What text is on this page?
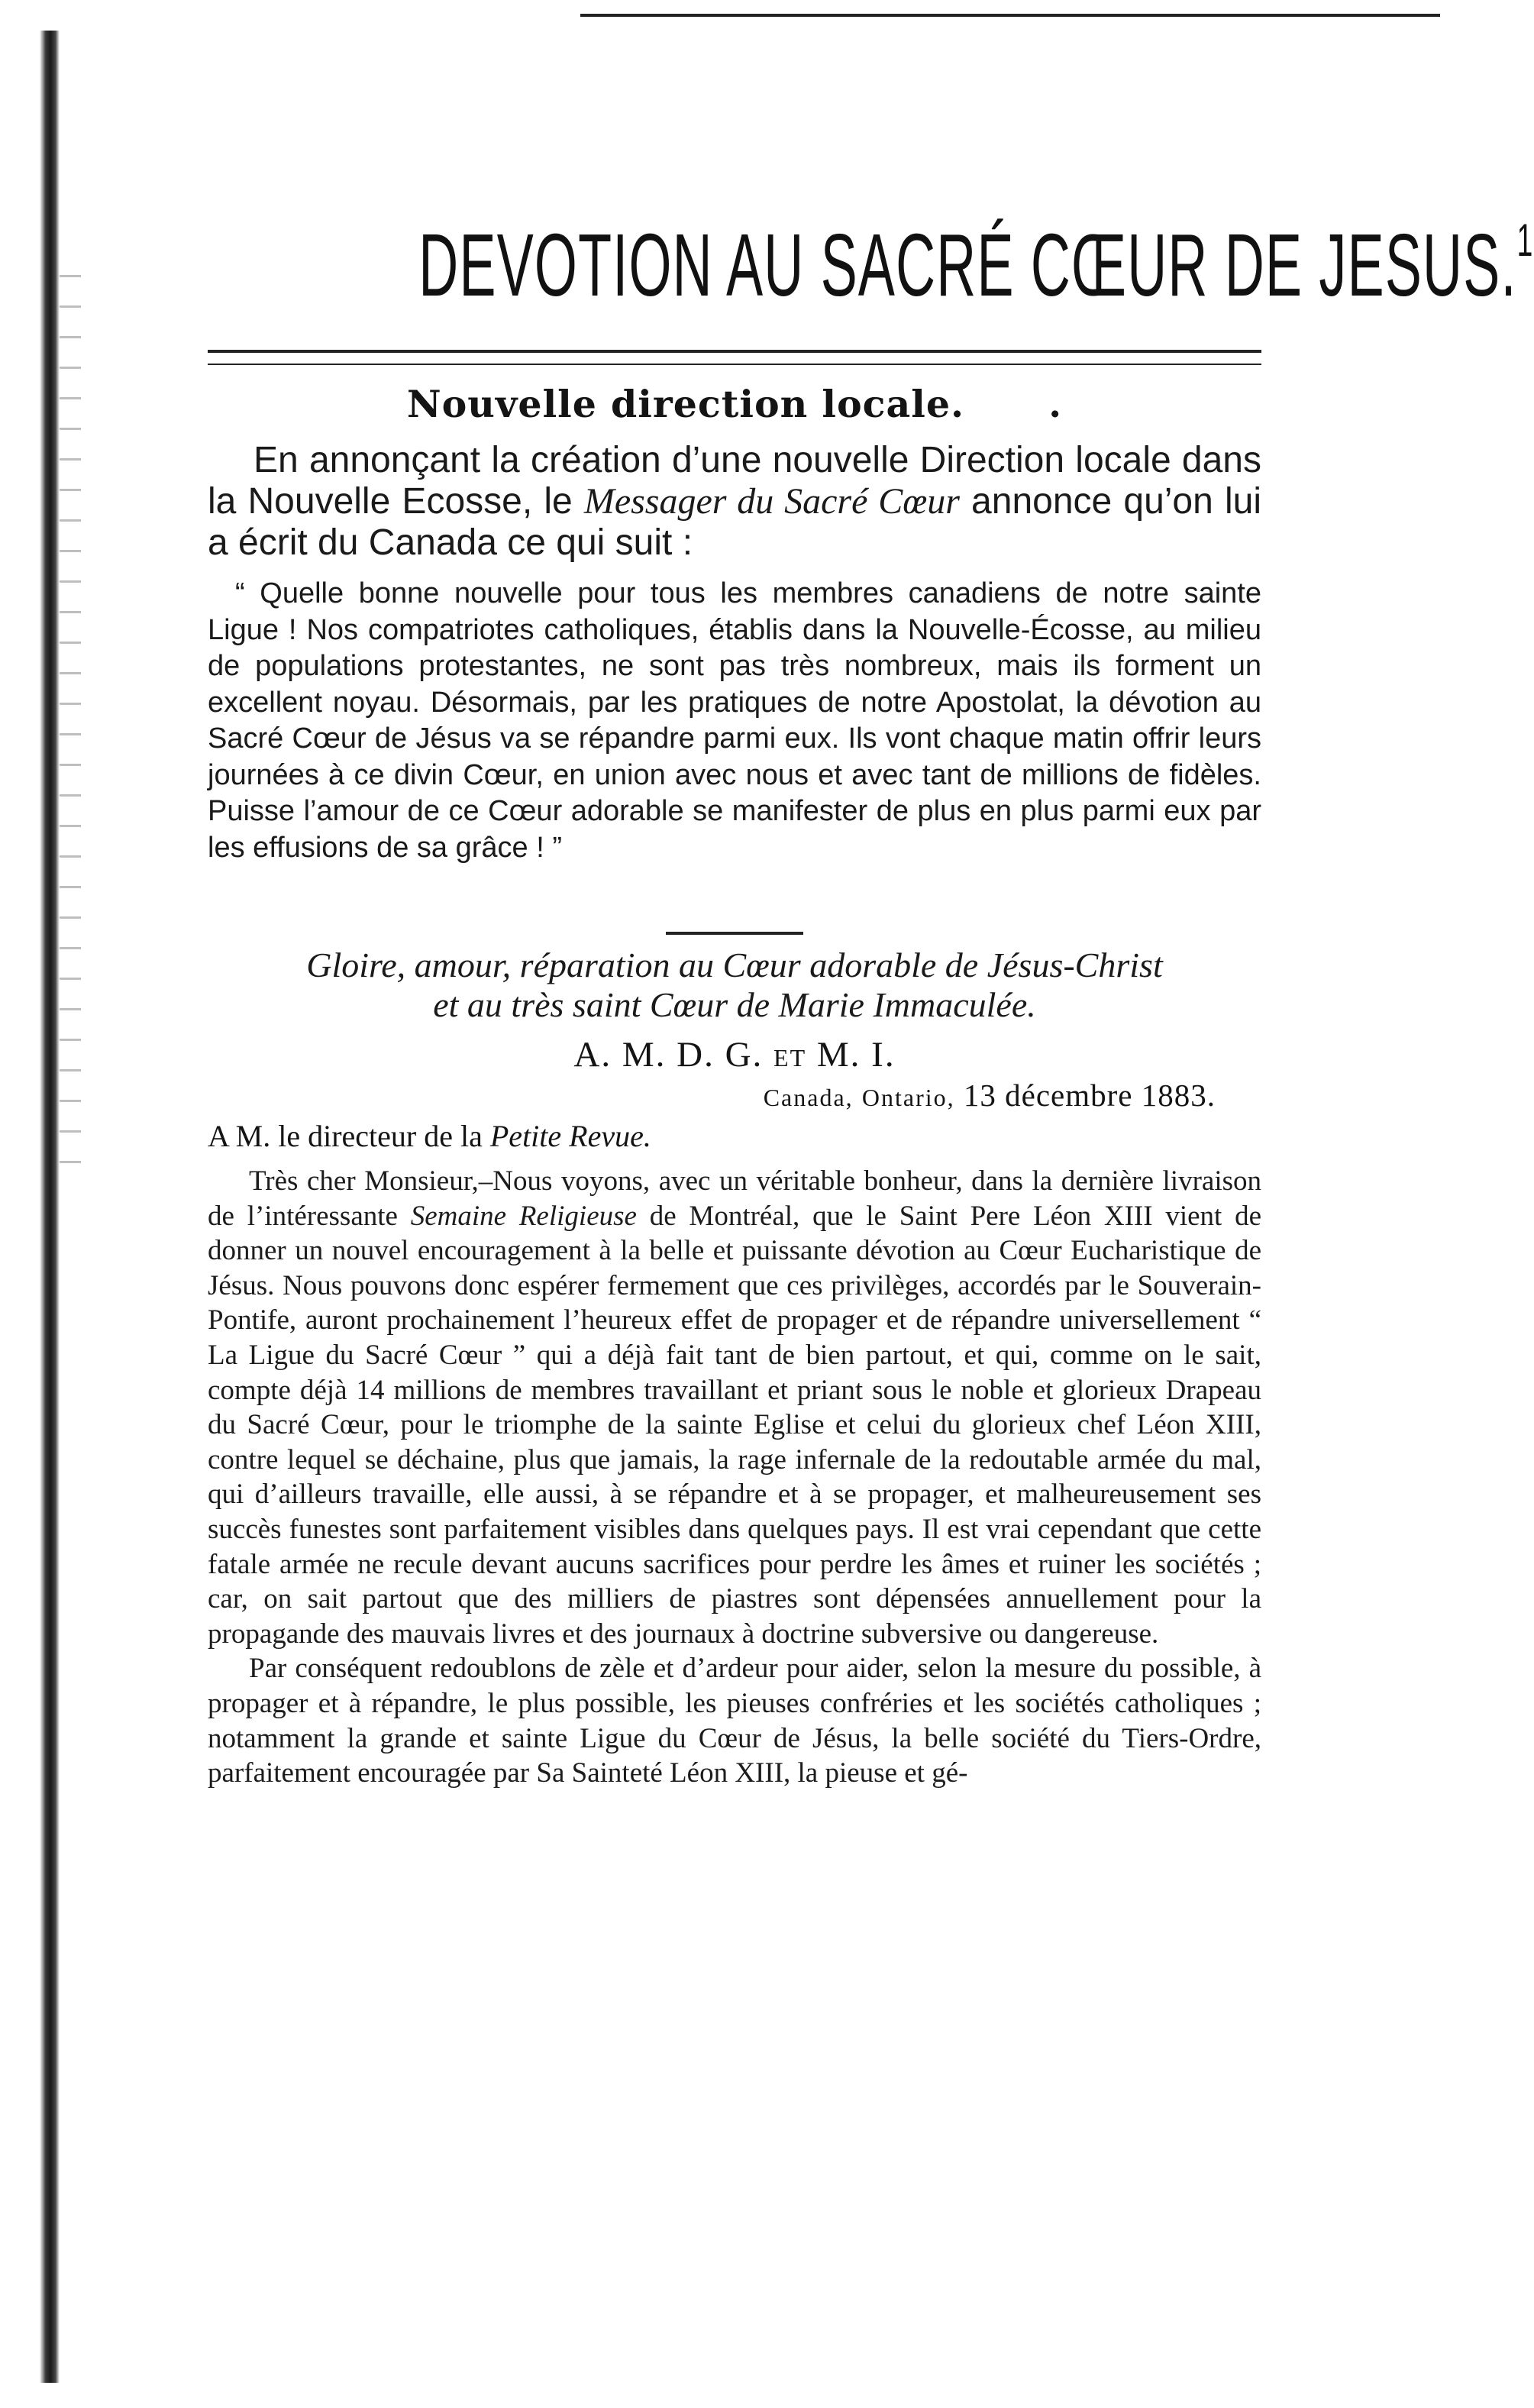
DEVOTION AU SACRÉ CŒUR DE JESUS.$^1$
Nouvelle direction locale. .

En annonçant la création d’une nouvelle Direction locale dans la Nouvelle Ecosse, le Messager du Sacré Cœur annonce qu’on lui a écrit du Canada ce qui suit :

“ Quelle bonne nouvelle pour tous les membres canadiens de notre sainte Ligue ! Nos compatriotes catholiques, établis dans la Nouvelle-Écosse, au milieu de populations protestantes, ne sont pas très nombreux, mais ils forment un excellent noyau. Désormais, par les pratiques de notre Apostolat, la dévotion au Sacré Cœur de Jésus va se répandre parmi eux. Ils vont chaque matin offrir leurs journées à ce divin Cœur, en union avec nous et avec tant de millions de fidèles. Puisse l’amour de ce Cœur adorable se manifester de plus en plus parmi eux par les effusions de sa grâce ! ”

Gloire, amour, réparation au Cœur adorable de Jésus-Christ
et au très saint Cœur de Marie Immaculée.
A. M. D. G. ET M. I.
Canada, Ontario, 13 décembre 1883.
A M. le directeur de la Petite Revue.

Très cher Monsieur,–Nous voyons, avec un véritable bonheur, dans la dernière livraison de l’intéressante Semaine Religieuse de Montréal, que le Saint Pere Léon XIII vient de donner un nouvel encouragement à la belle et puissante dévotion au Cœur Eucharistique de Jésus. Nous pouvons donc espérer fermement que ces privilèges, accordés par le Souverain-Pontife, auront prochainement l’heureux effet de propager et de répandre universellement “ La Ligue du Sacré Cœur ” qui a déjà fait tant de bien partout, et qui, comme on le sait, compte déjà 14 millions de membres travaillant et priant sous le noble et glorieux Drapeau du Sacré Cœur, pour le triomphe de la sainte Eglise et celui du glorieux chef Léon XIII, contre lequel se déchaine, plus que jamais, la rage infernale de la redoutable armée du mal, qui d’ailleurs travaille, elle aussi, à se répandre et à se propager, et malheureusement ses succès funestes sont parfaitement visibles dans quelques pays. Il est vrai cependant que cette fatale armée ne recule devant aucuns sacrifices pour perdre les âmes et ruiner les sociétés ; car, on sait partout que des milliers de piastres sont dépensées annuellement pour la propagande des mauvais livres et des journaux à doctrine subversive ou dangereuse.

Par conséquent redoublons de zèle et d’ardeur pour aider, selon la mesure du possible, à propager et à répandre, le plus possible, les pieuses confréries et les sociétés catholiques ; notamment la grande et sainte Ligue du Cœur de Jésus, la belle société du Tiers-Ordre, parfaitement encouragée par Sa Sainteté Léon XIII, la pieuse et gé-
